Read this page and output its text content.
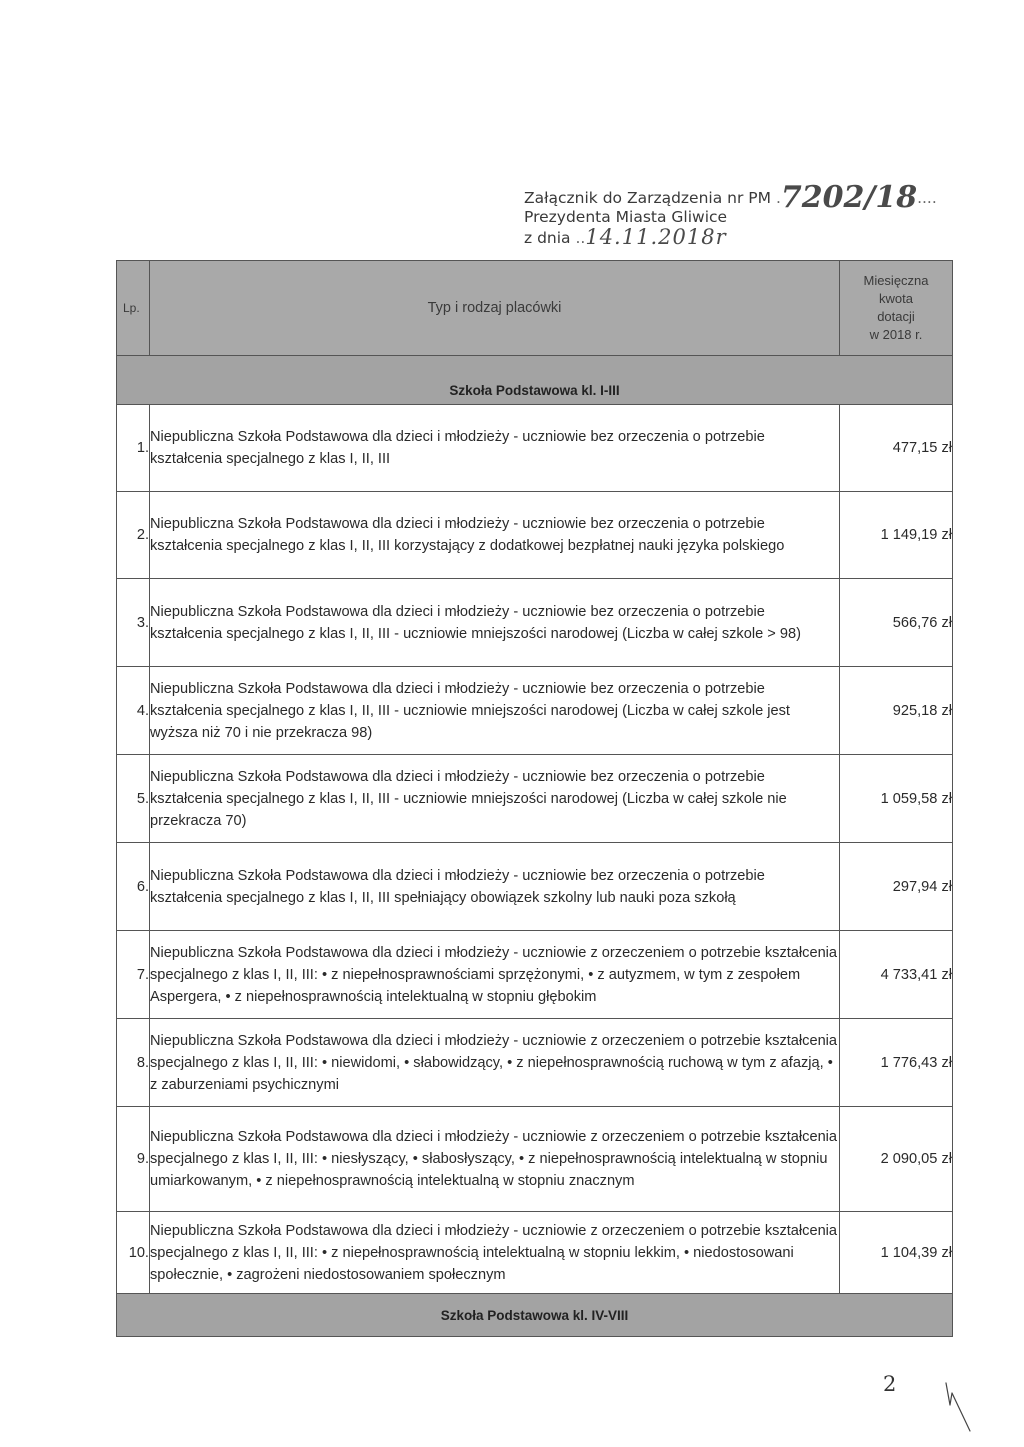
Załącznik do Zarządzenia nr PM .7202/18....
Prezydenta Miasta Gliwice
z dnia ..14.11.2018r
Lp.	Typ i rodzaj placówki	Miesięczna
kwota
dotacji
w 2018 r.

Szkoła Podstawowa kl. I-III		
1.	Niepubliczna Szkoła Podstawowa dla dzieci i młodzieży - uczniowie bez orzeczenia o potrzebie kształcenia specjalnego z klas I, II, III	477,15 zł
2.	Niepubliczna Szkoła Podstawowa dla dzieci i młodzieży - uczniowie bez orzeczenia o potrzebie kształcenia specjalnego z klas I, II, III korzystający z dodatkowej bezpłatnej nauki języka polskiego	1 149,19 zł
3.	Niepubliczna Szkoła Podstawowa dla dzieci i młodzieży - uczniowie bez orzeczenia o potrzebie kształcenia specjalnego z klas I, II, III - uczniowie mniejszości narodowej (Liczba w całej szkole > 98)	566,76 zł
4.	Niepubliczna Szkoła Podstawowa dla dzieci i młodzieży - uczniowie bez orzeczenia o potrzebie kształcenia specjalnego z klas I, II, III - uczniowie mniejszości narodowej (Liczba w całej szkole jest wyższa niż 70 i nie przekracza 98)	925,18 zł
5.	Niepubliczna Szkoła Podstawowa dla dzieci i młodzieży - uczniowie bez orzeczenia o potrzebie kształcenia specjalnego z klas I, II, III - uczniowie mniejszości narodowej (Liczba w całej szkole nie przekracza 70)	1 059,58 zł
6.	Niepubliczna Szkoła Podstawowa dla dzieci i młodzieży - uczniowie bez orzeczenia o potrzebie kształcenia specjalnego z klas I, II, III spełniający obowiązek szkolny lub nauki poza szkołą	297,94 zł
7.	Niepubliczna Szkoła Podstawowa dla dzieci i młodzieży - uczniowie z orzeczeniem o potrzebie kształcenia specjalnego z klas I, II, III: • z niepełnosprawnościami sprzężonymi, • z autyzmem, w tym z zespołem Aspergera, • z niepełnosprawnością intelektualną w stopniu głębokim	4 733,41 zł
8.	Niepubliczna Szkoła Podstawowa dla dzieci i młodzieży - uczniowie z orzeczeniem o potrzebie kształcenia specjalnego z klas I, II, III: • niewidomi, • słabowidzący, • z niepełnosprawnością ruchową w tym z afazją, • z zaburzeniami psychicznymi	1 776,43 zł
9.	Niepubliczna Szkoła Podstawowa dla dzieci i młodzieży - uczniowie z orzeczeniem o potrzebie kształcenia specjalnego z klas I, II, III: • niesłyszący, • słabosłyszący, • z niepełnosprawnością intelektualną w stopniu umiarkowanym, • z niepełnosprawnością intelektualną w stopniu znacznym	2 090,05 zł
10.	Niepubliczna Szkoła Podstawowa dla dzieci i młodzieży - uczniowie z orzeczeniem o potrzebie kształcenia specjalnego z klas I, II, III: • z niepełnosprawnością intelektualną w stopniu lekkim, • niedostosowani społecznie, • zagrożeni niedostosowaniem społecznym	1 104,39 zł
Szkoła Podstawowa kl. IV-VIII		
2
